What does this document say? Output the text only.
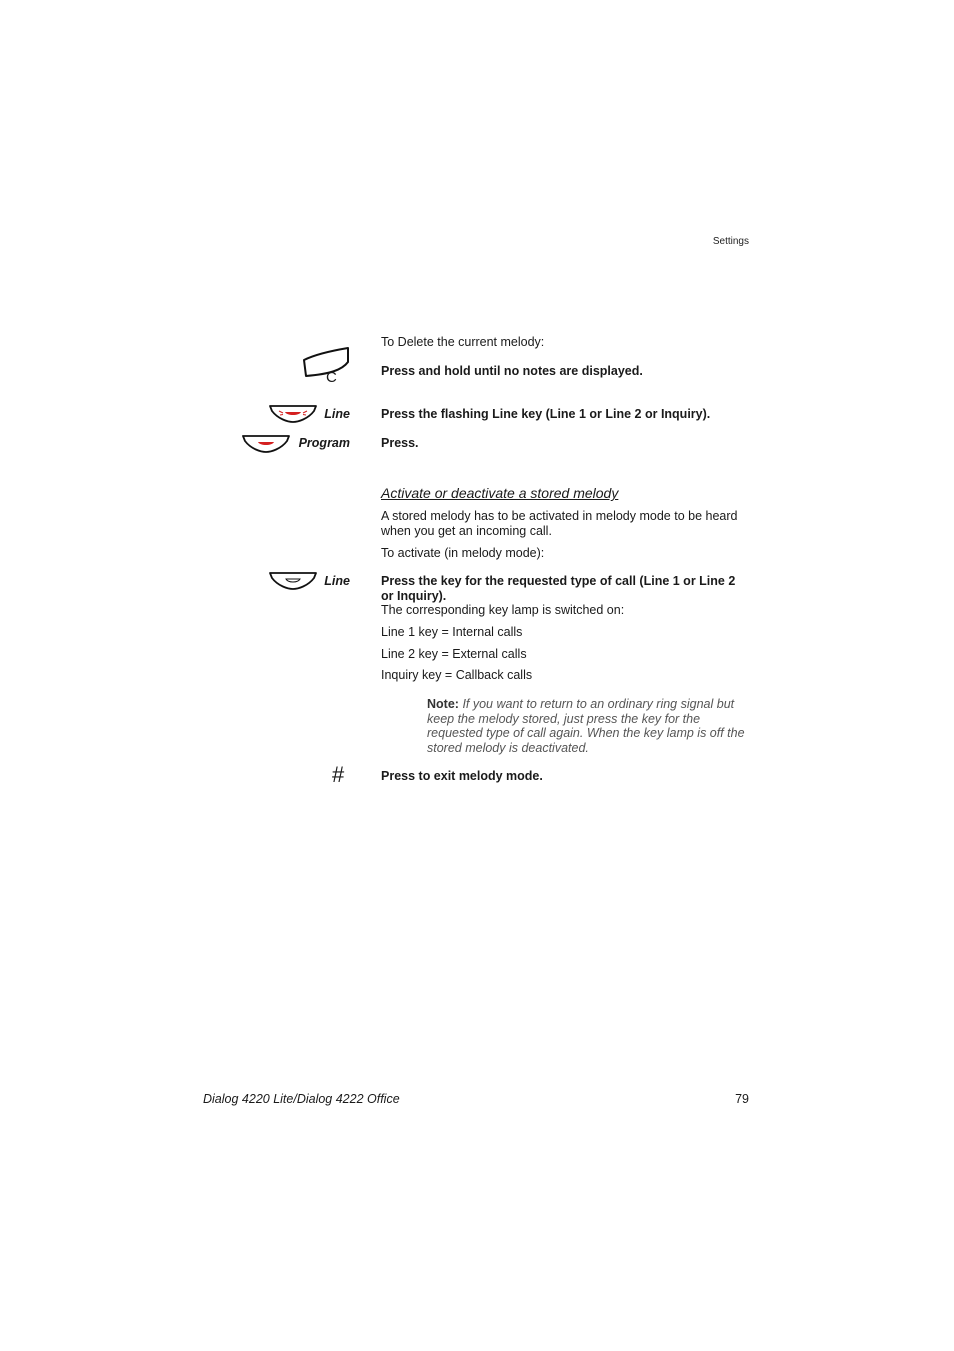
Settings
To Delete the current melody:
C	Press and hold until no notes are displayed.
Line Press the flashing Line key (Line 1 or Line 2 or Inquiry).
Program Press.
Activate or deactivate a stored melody
A stored melody has to be activated in melody mode to be heard when you get an incoming call.
To activate (in melody mode):
Line Press the key for the requested type of call (Line 1 or Line 2 or Inquiry).
The corresponding key lamp is switched on:
Line 1 key = Internal calls
Line 2 key = External calls
Inquiry key = Callback calls
Note: If you want to return to an ordinary ring signal but keep the melody stored, just press the key for the requested type of call again. When the key lamp is off the stored melody is deactivated.
#	Press to exit melody mode.
Dialog 4220 Lite/Dialog 4222 Office	79
